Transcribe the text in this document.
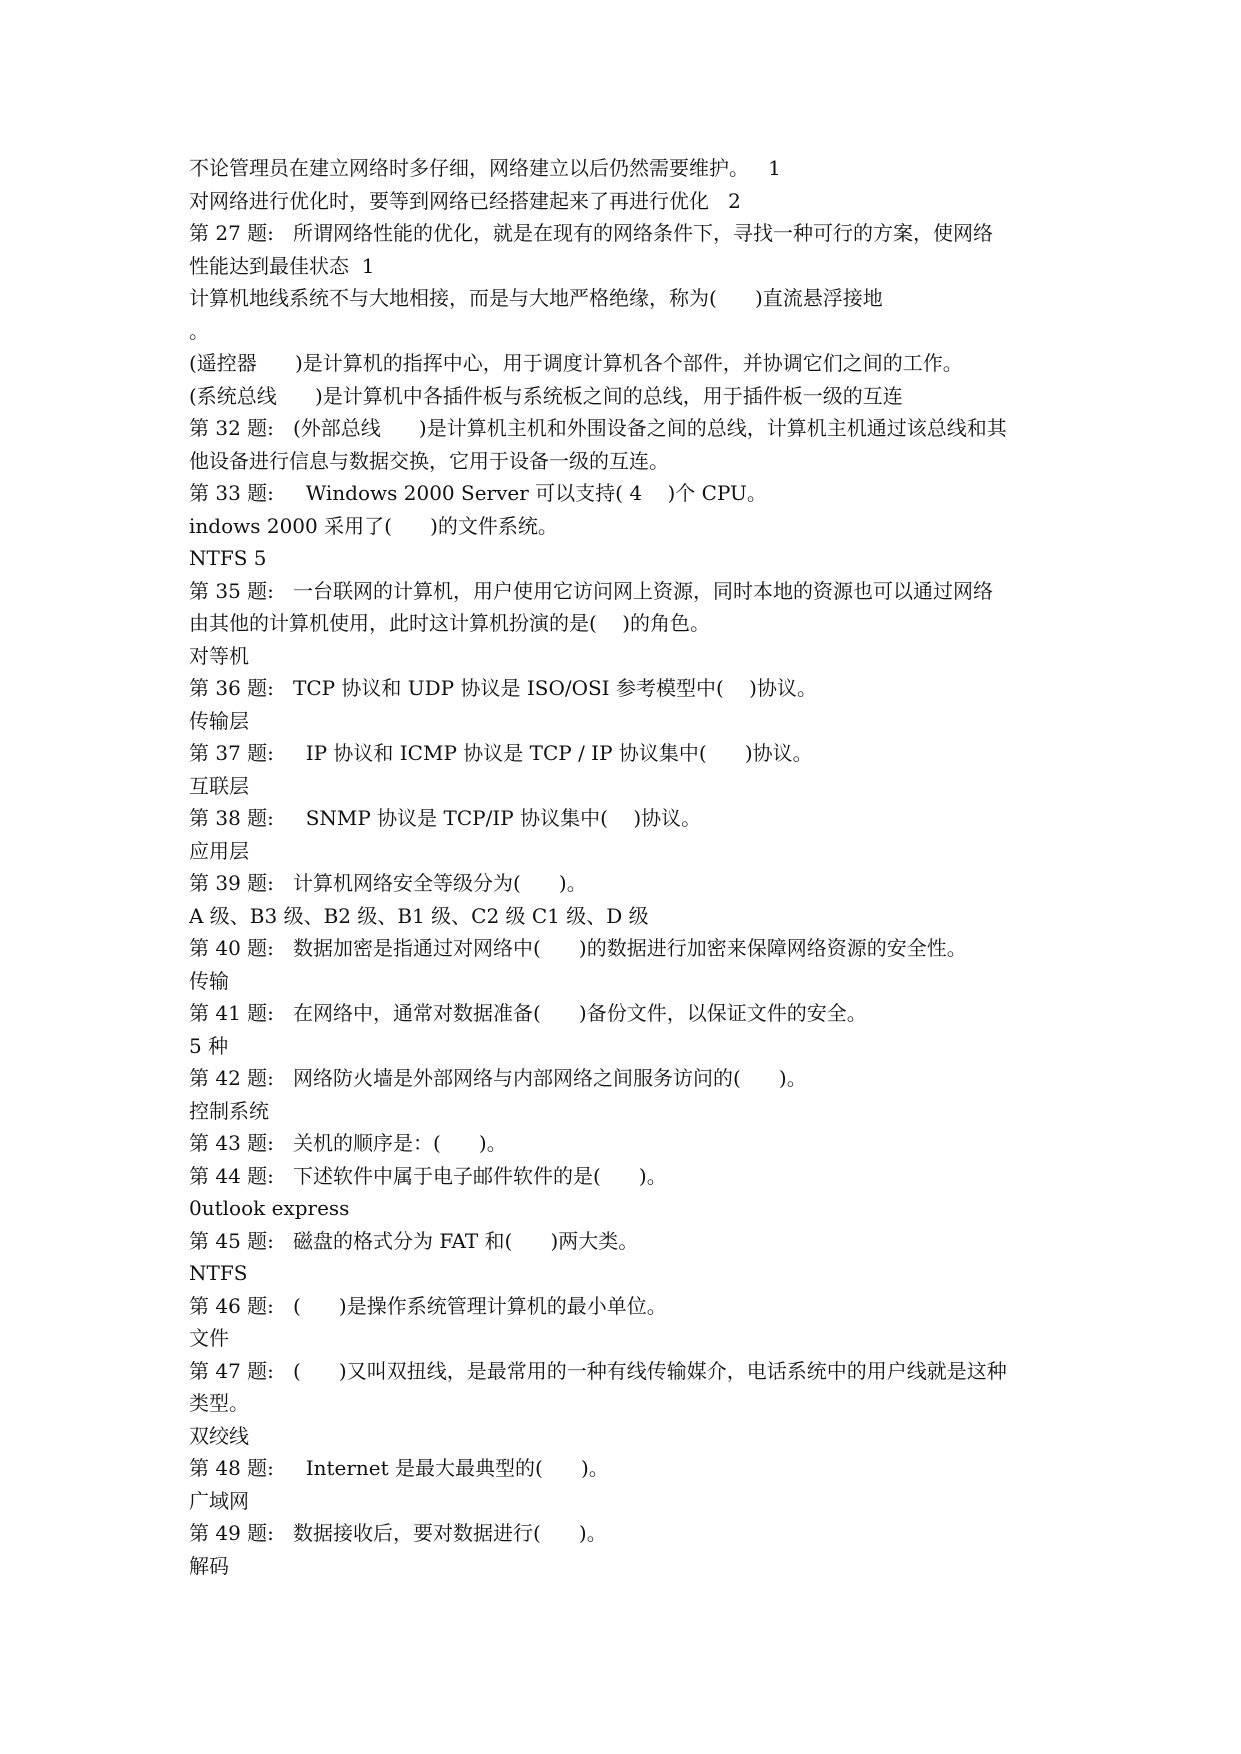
不论管理员在建立网络时多仔细，网络建立以后仍然需要维护。   1
对网络进行优化时，要等到网络已经搭建起来了再进行优化   2
第 27 题:   所谓网络性能的优化，就是在现有的网络条件下，寻找一种可行的方案，使网络
性能达到最佳状态  1
计算机地线系统不与大地相接，而是与大地严格绝缘，称为(      )直流悬浮接地
。
(遥控器      )是计算机的指挥中心，用于调度计算机各个部件，并协调它们之间的工作。
(系统总线      )是计算机中各插件板与系统板之间的总线，用于插件板一级的互连
第 32 题:   (外部总线      )是计算机主机和外围设备之间的总线，计算机主机通过该总线和其
他设备进行信息与数据交换，它用于设备一级的互连。
第 33 题:     Windows 2000 Server 可以支持( 4    )个 CPU。
indows 2000 采用了(      )的文件系统。
NTFS 5
第 35 题:   一台联网的计算机，用户使用它访问网上资源，同时本地的资源也可以通过网络
由其他的计算机使用，此时这计算机扮演的是(    )的角色。
对等机
第 36 题:   TCP 协议和 UDP 协议是 ISO/OSI 参考模型中(    )协议。
传输层
第 37 题:     IP 协议和 ICMP 协议是 TCP / IP 协议集中(      )协议。
互联层
第 38 题:     SNMP 协议是 TCP/IP 协议集中(    )协议。
应用层
第 39 题:   计算机网络安全等级分为(      )。
A 级、B3 级、B2 级、B1 级、C2 级 C1 级、D 级
第 40 题:   数据加密是指通过对网络中(      )的数据进行加密来保障网络资源的安全性。
传输
第 41 题:   在网络中，通常对数据准备(      )备份文件，以保证文件的安全。
5 种
第 42 题:   网络防火墙是外部网络与内部网络之间服务访问的(      )。
控制系统
第 43 题:   关机的顺序是：(      )。
第 44 题:   下述软件中属于电子邮件软件的是(      )。
0utlook express
第 45 题:   磁盘的格式分为 FAT 和(      )两大类。
NTFS
第 46 题:   (      )是操作系统管理计算机的最小单位。
文件
第 47 题:   (      )又叫双扭线，是最常用的一种有线传输媒介，电话系统中的用户线就是这种
类型。
双绞线
第 48 题:     Internet 是最大最典型的(      )。
广域网
第 49 题:   数据接收后，要对数据进行(      )。
解码
